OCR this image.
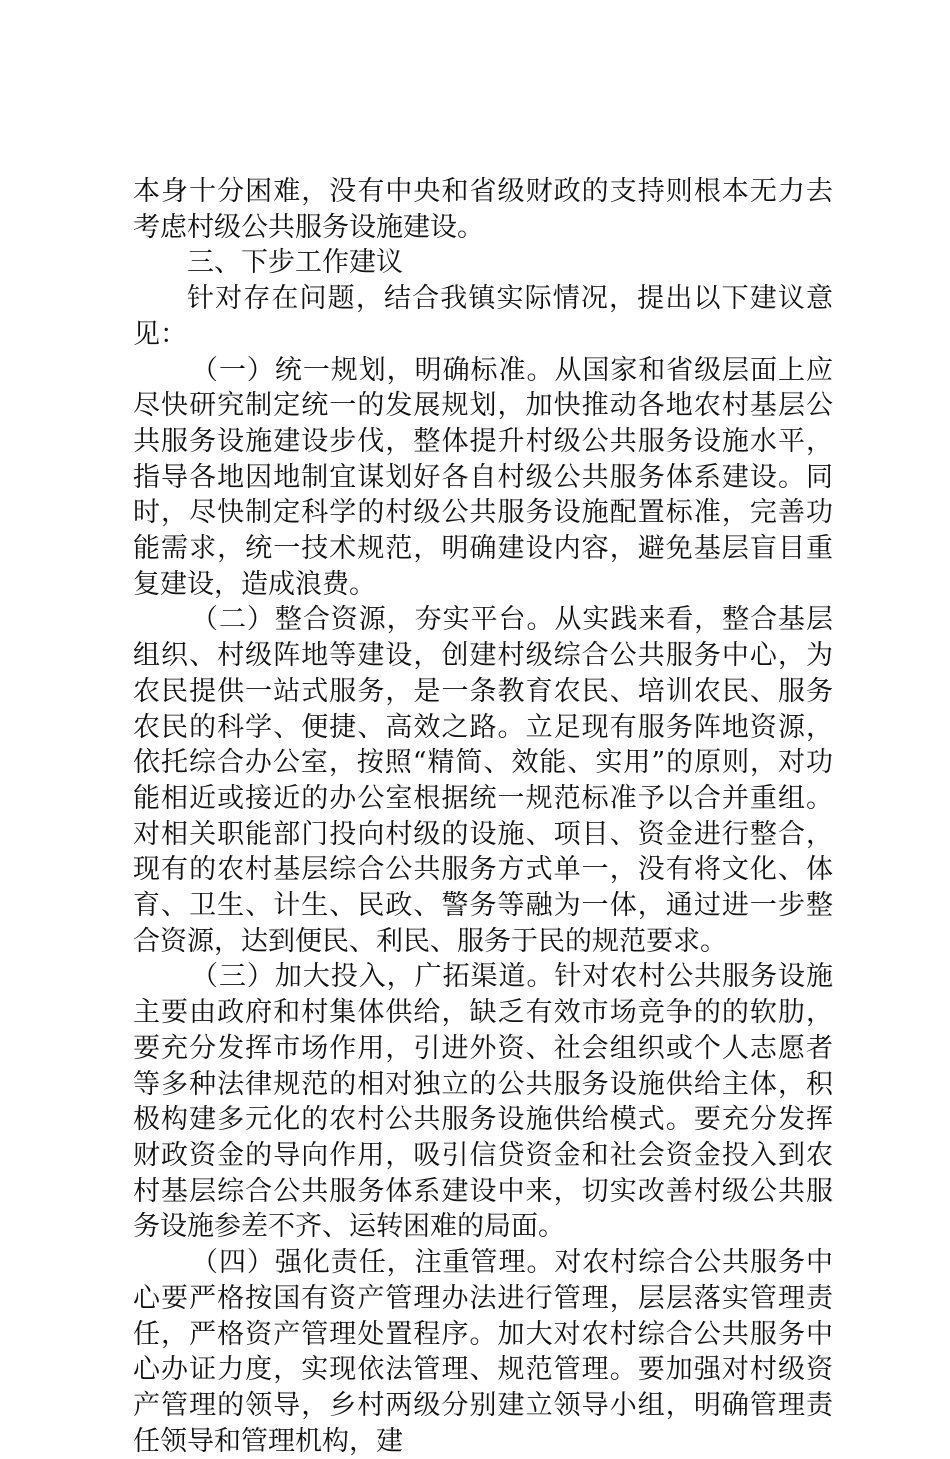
本身十分困难，没有中央和省级财政的支持则根本无力去考虑村级公共服务设施建设。

三、下步工作建议

针对存在问题，结合我镇实际情况，提出以下建议意见：

（一）统一规划，明确标准。从国家和省级层面上应尽快研究制定统一的发展规划，加快推动各地农村基层公共服务设施建设步伐，整体提升村级公共服务设施水平，指导各地因地制宜谋划好各自村级公共服务体系建设。同时，尽快制定科学的村级公共服务设施配置标准，完善功能需求，统一技术规范，明确建设内容，避免基层盲目重复建设，造成浪费。

（二）整合资源，夯实平台。从实践来看，整合基层组织、村级阵地等建设，创建村级综合公共服务中心，为农民提供一站式服务，是一条教育农民、培训农民、服务农民的科学、便捷、高效之路。立足现有服务阵地资源，依托综合办公室，按照“精简、效能、实用”的原则，对功能相近或接近的办公室根据统一规范标准予以合并重组。对相关职能部门投向村级的设施、项目、资金进行整合，现有的农村基层综合公共服务方式单一，没有将文化、体育、卫生、计生、民政、警务等融为一体，通过进一步整合资源，达到便民、利民、服务于民的规范要求。

（三）加大投入，广拓渠道。针对农村公共服务设施主要由政府和村集体供给，缺乏有效市场竞争的的软肋，要充分发挥市场作用，引进外资、社会组织或个人志愿者等多种法律规范的相对独立的公共服务设施供给主体，积极构建多元化的农村公共服务设施供给模式。要充分发挥财政资金的导向作用，吸引信贷资金和社会资金投入到农村基层综合公共服务体系建设中来，切实改善村级公共服务设施参差不齐、运转困难的局面。

（四）强化责任，注重管理。对农村综合公共服务中心要严格按国有资产管理办法进行管理，层层落实管理责任，严格资产管理处置程序。加大对农村综合公共服务中心办证力度，实现依法管理、规范管理。要加强对村级资产管理的领导，乡村两级分别建立领导小组，明确管理责任领导和管理机构，建
